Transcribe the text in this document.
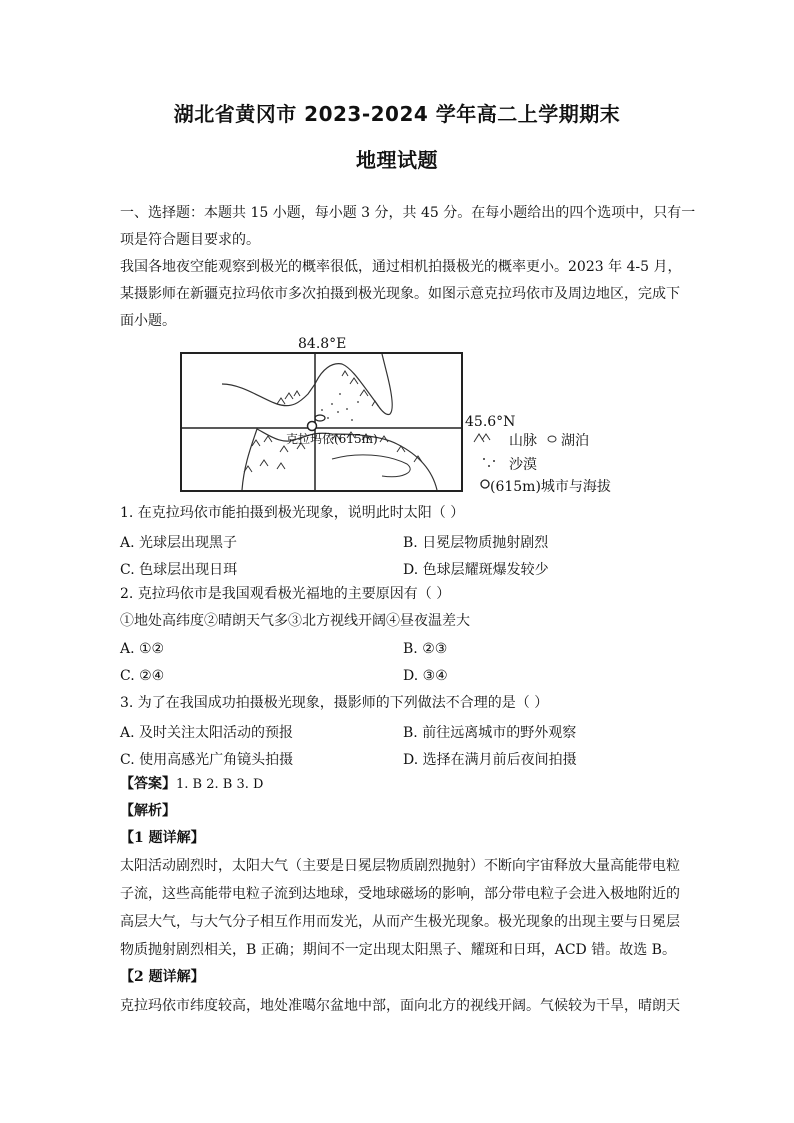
湖北省黄冈市 2023-2024 学年高二上学期期末
地理试题
一、选择题：本题共 15 小题，每小题 3 分，共 45 分。在每小题给出的四个选项中，只有一
项是符合题目要求的。
我国各地夜空能观察到极光的概率很低，通过相机拍摄极光的概率更小。2023 年 4-5 月，
某摄影师在新疆克拉玛依市多次拍摄到极光现象。如图示意克拉玛依市及周边地区，完成下
面小题。
84.8°E
克拉玛依(615m)
45.6°N
山脉 湖泊
沙漠
(615m)城市与海拔
1. 在克拉玛依市能拍摄到极光现象，说明此时太阳（ ）
A. 光球层出现黑子	B. 日冕层物质抛射剧烈
C. 色球层出现日珥	D. 色球层耀斑爆发较少
2. 克拉玛依市是我国观看极光福地的主要原因有（ ）
①地处高纬度②晴朗天气多③北方视线开阔④昼夜温差大
A. ①②	B. ②③
C. ②④	D. ③④
3. 为了在我国成功拍摄极光现象，摄影师的下列做法不合理的是（ ）
A. 及时关注太阳活动的预报	B. 前往远离城市的野外观察
C. 使用高感光广角镜头拍摄	D. 选择在满月前后夜间拍摄
【答案】1. B 2. B 3. D
【解析】
【1 题详解】
太阳活动剧烈时，太阳大气（主要是日冕层物质剧烈抛射）不断向宇宙释放大量高能带电粒
子流，这些高能带电粒子流到达地球，受地球磁场的影响，部分带电粒子会进入极地附近的
高层大气，与大气分子相互作用而发光，从而产生极光现象。极光现象的出现主要与日冕层
物质抛射剧烈相关，B 正确；期间不一定出现太阳黑子、耀斑和日珥，ACD 错。故选 B。
【2 题详解】
克拉玛依市纬度较高，地处准噶尔盆地中部，面向北方的视线开阔。气候较为干旱，晴朗天
